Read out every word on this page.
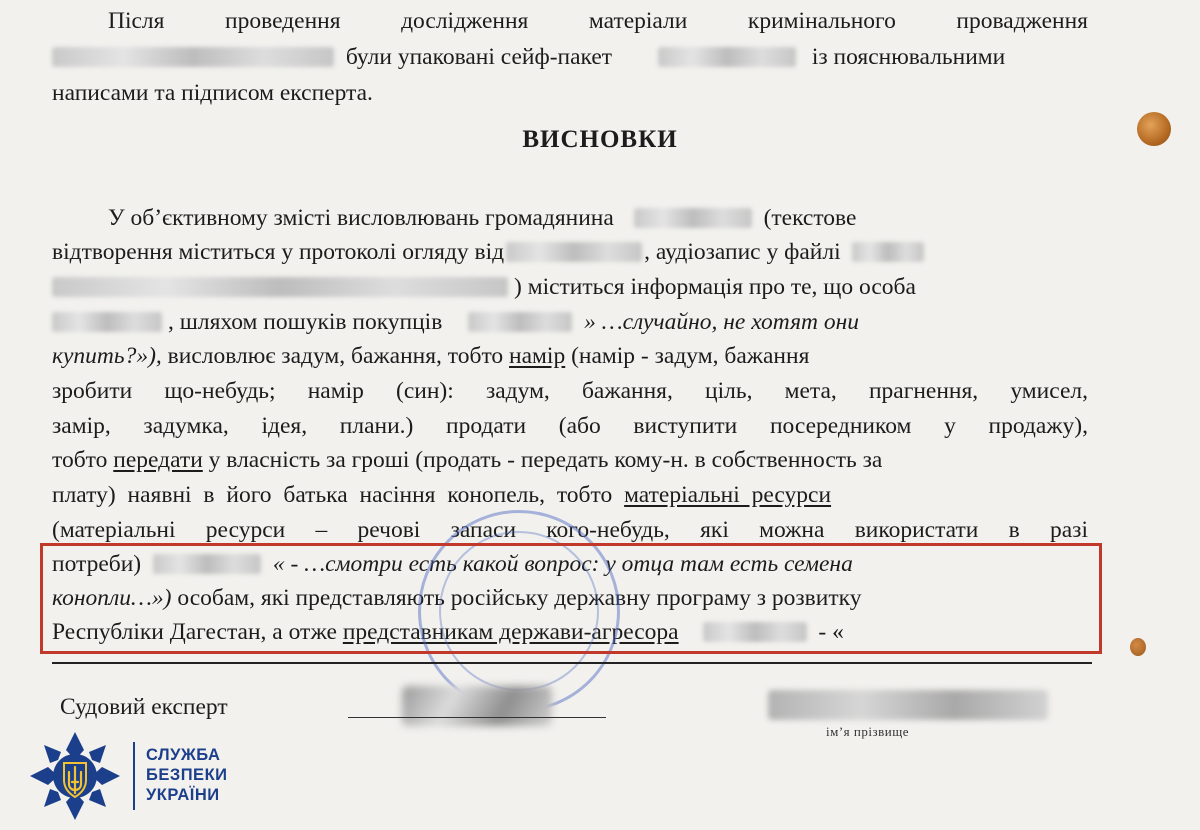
Після проведення дослідження матеріали кримінального провадження
були упаковані сейф-пакет	із пояснювальними
написами та підписом експерта.
ВИСНОВКИ
У об’єктивному змісті висловлювань громадянина	(текстове
відтворення міститься у протоколі огляду від	, аудіозапис у файлі
) міститься інформація про те, що особа
, шляхом пошуків покупців	» …случайно, не хотят они
купить?»), висловлює задум, бажання, тобто намір (намір - задум, бажання
зробити що-небудь; намір (син): задум, бажання, ціль, мета, прагнення, умисел,
замір, задумка, ідея, плани.) продати (або виступити посередником у продажу),
тобто передати у власність за гроші (продать - передать кому-н. в собственность за
плату) наявні в його батька насіння конопель, тобто матеріальні ресурси
(матеріальні ресурси – речові запаси кого-небудь, які можна використати в разі
потреби)	« - …смотри есть какой вопрос: у отца там есть семена
конопли…») особам, які представляють російську державну програму з розвитку
Республіки Дагестан, а отже представникам держави-агресора	- «
Судовий експерт
ім’я прізвище
СЛУЖБА
БЕЗПЕКИ
УКРАЇНИ
